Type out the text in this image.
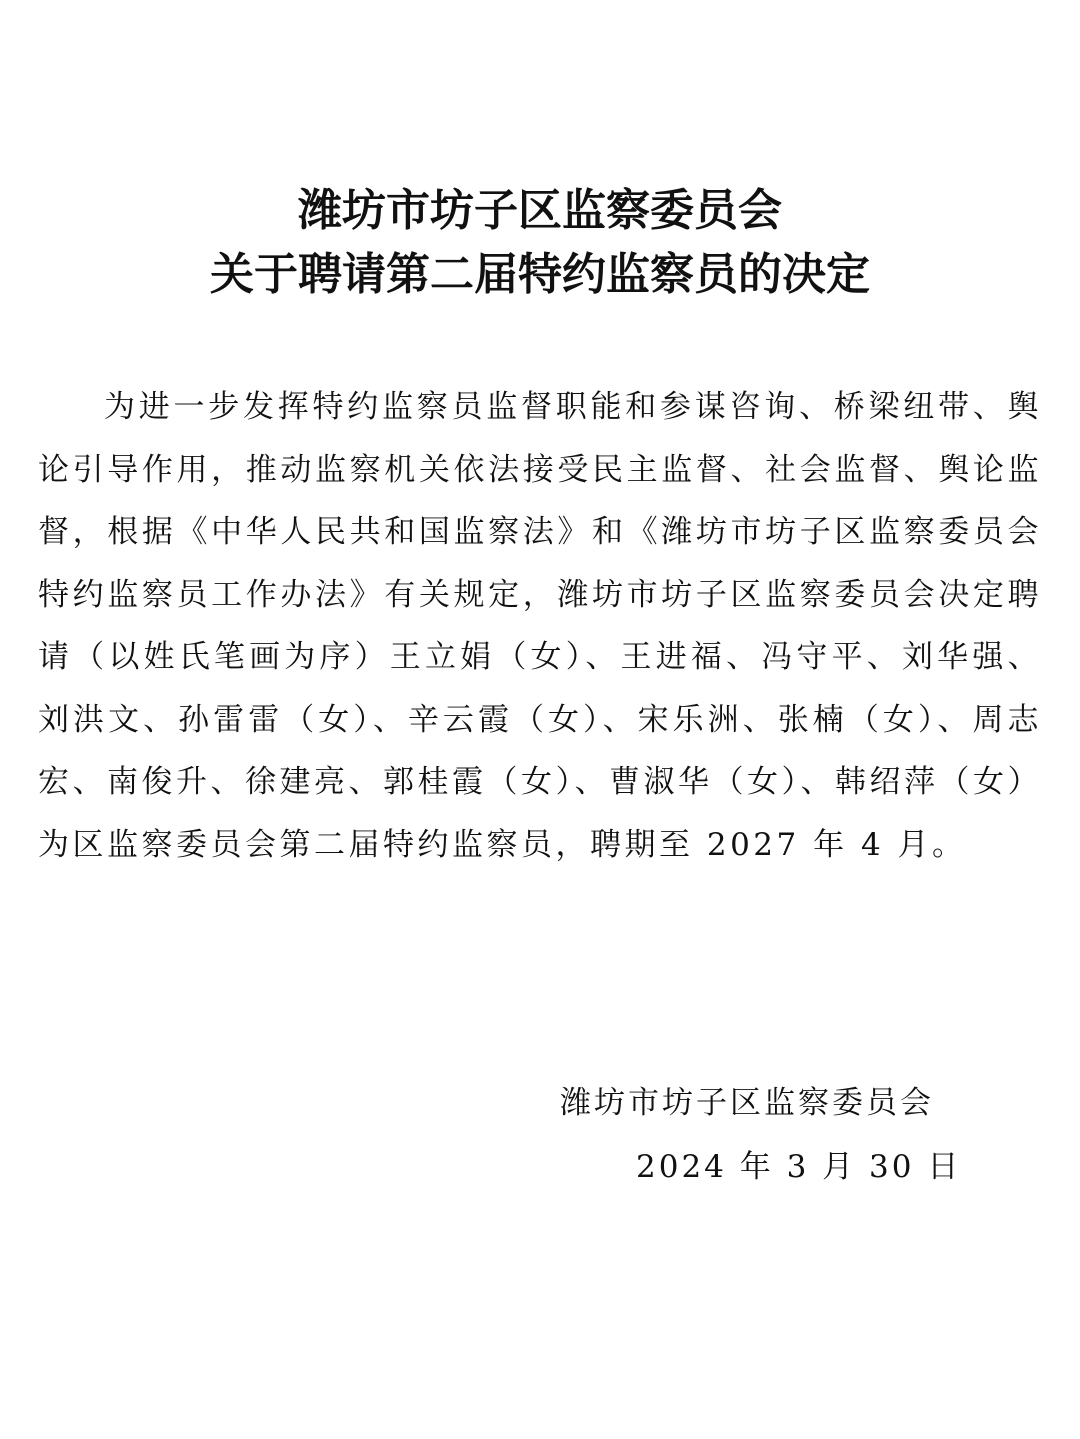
潍坊市坊子区监察委员会
关于聘请第二届特约监察员的决定

为进一步发挥特约监察员监督职能和参谋咨询、桥梁纽带、舆论引导作用，推动监察机关依法接受民主监督、社会监督、舆论监督，根据《中华人民共和国监察法》和《潍坊市坊子区监察委员会特约监察员工作办法》有关规定，潍坊市坊子区监察委员会决定聘请（以姓氏笔画为序）王立娟（女）、王进福、冯守平、刘华强、刘洪文、孙雷雷（女）、辛云霞（女）、宋乐洲、张楠（女）、周志宏、南俊升、徐建亮、郭桂霞（女）、曹淑华（女）、韩绍萍（女）为区监察委员会第二届特约监察员，聘期至 2027 年 4 月。

潍坊市坊子区监察委员会
2024 年 3 月 30 日
